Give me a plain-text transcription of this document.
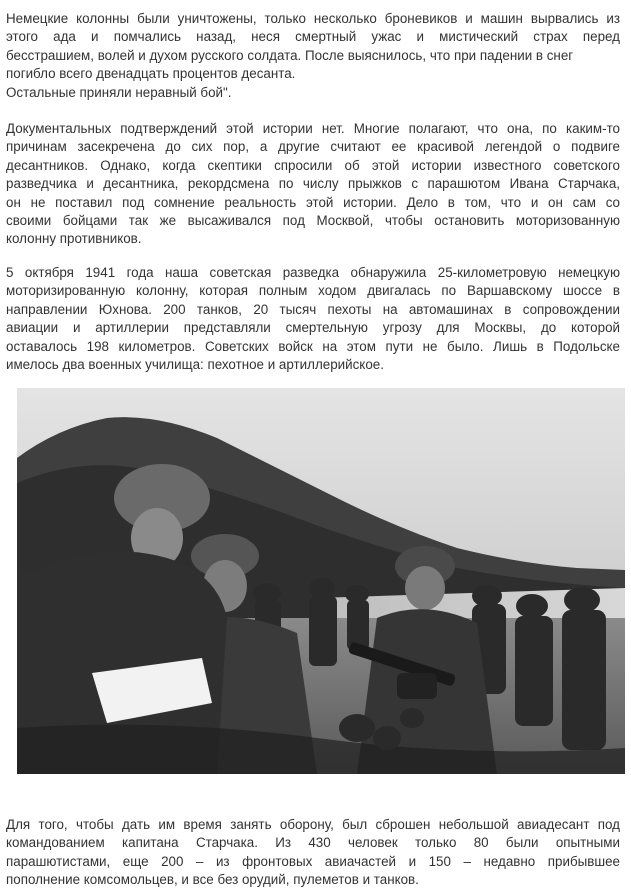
Немецкие колонны были уничтожены, только несколько броневиков и машин вырвались из
этого ада и помчались назад, неся смертный ужас и мистический страх перед
бесстрашием, волей и духом русского солдата. После выяснилось, что при падении в снег
погибло всего двенадцать процентов десанта.
Остальные приняли неравный бой".
Документальных подтверждений этой истории нет. Многие полагают, что она, по каким-то
причинам засекречена до сих пор, а другие считают ее красивой легендой о подвиге
десантников. Однако, когда скептики спросили об этой истории известного советского
разведчика и десантника, рекордсмена по числу прыжков с парашютом Ивана Старчака,
он не поставил под сомнение реальность этой истории. Дело в том, что и он сам со
своими бойцами так же высаживался под Москвой, чтобы остановить моторизованную
колонну противников.
5 октября 1941 года наша советская разведка обнаружила 25-километровую немецкую
моторизированную колонну, которая полным ходом двигалась по Варшавскому шоссе в
направлении Юхнова. 200 танков, 20 тысяч пехоты на автомашинах в сопровождении
авиации и артиллерии представляли смертельную угрозу для Москвы, до которой
оставалось 198 километров. Советских войск на этом пути не было. Лишь в Подольске
имелось два военных училища: пехотное и артиллерийское.
Для того, чтобы дать им время занять оборону, был сброшен небольшой авиадесант под
командованием капитана Старчака. Из 430 человек только 80 были опытными
парашютистами, еще 200 – из фронтовых авиачастей и 150 – недавно прибывшее
пополнение комсомольцев, и все без орудий, пулеметов и танков.
